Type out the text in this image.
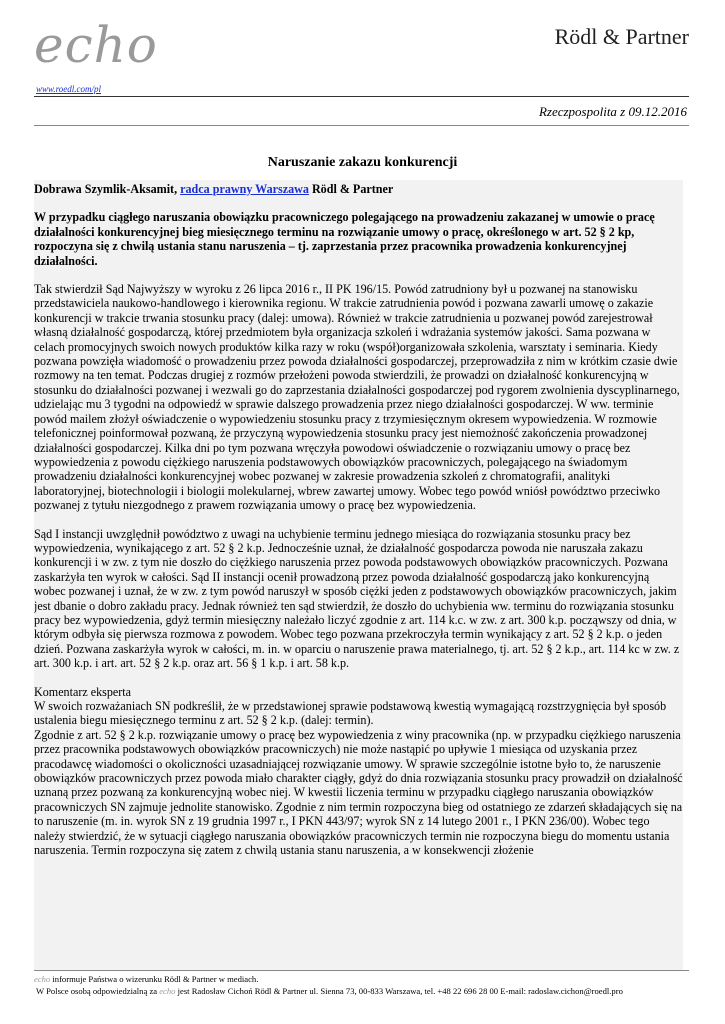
echo
www.roedl.com/pl
Rödl & Partner
Rzeczpospolita z 09.12.2016
Naruszanie zakazu konkurencji

Dobrawa Szymlik-Aksamit, radca prawny Warszawa Rödl & Partner

W przypadku ciągłego naruszania obowiązku pracowniczego polegającego na prowadzeniu zakazanej w umowie o pracę działalności konkurencyjnej bieg miesięcznego terminu na rozwiązanie umowy o pracę, określonego w art. 52 § 2 kp, rozpoczyna się z chwilą ustania stanu naruszenia – tj. zaprzestania przez pracownika prowadzenia konkurencyjnej działalności.

Tak stwierdził Sąd Najwyższy w wyroku z 26 lipca 2016 r., II PK 196/15. Powód zatrudniony był u pozwanej na stanowisku przedstawiciela naukowo-handlowego i kierownika regionu. W trakcie zatrudnienia powód i pozwana zawarli umowę o zakazie konkurencji w trakcie trwania stosunku pracy (dalej: umowa). Również w trakcie zatrudnienia u pozwanej powód zarejestrował własną działalność gospodarczą, której przedmiotem była organizacja szkoleń i wdrażania systemów jakości. Sama pozwana w celach promocyjnych swoich nowych produktów kilka razy w roku (współ)organizowała szkolenia, warsztaty i seminaria. Kiedy pozwana powzięła wiadomość o prowadzeniu przez powoda działalności gospodarczej, przeprowadziła z nim w krótkim czasie dwie rozmowy na ten temat. Podczas drugiej z rozmów przełożeni powoda stwierdzili, że prowadzi on działalność konkurencyjną w stosunku do działalności pozwanej i wezwali go do zaprzestania działalności gospodarczej pod rygorem zwolnienia dyscyplinarnego, udzielając mu 3 tygodni na odpowiedź w sprawie dalszego prowadzenia przez niego działalności gospodarczej. W ww. terminie powód mailem złożył oświadczenie o wypowiedzeniu stosunku pracy z trzymiesięcznym okresem wypowiedzenia. W rozmowie telefonicznej poinformował pozwaną, że przyczyną wypowiedzenia stosunku pracy jest niemożność zakończenia prowadzonej działalności gospodarczej. Kilka dni po tym pozwana wręczyła powodowi oświadczenie o rozwiązaniu umowy o pracę bez wypowiedzenia z powodu ciężkiego naruszenia podstawowych obowiązków pracowniczych, polegającego na świadomym prowadzeniu działalności konkurencyjnej wobec pozwanej w zakresie prowadzenia szkoleń z chromatografii, analityki laboratoryjnej, biotechnologii i biologii molekularnej, wbrew zawartej umowy. Wobec tego powód wniósł powództwo przeciwko pozwanej z tytułu niezgodnego z prawem rozwiązania umowy o pracę bez wypowiedzenia.

Sąd I instancji uwzględnił powództwo z uwagi na uchybienie terminu jednego miesiąca do rozwiązania stosunku pracy bez wypowiedzenia, wynikającego z art. 52 § 2 k.p. Jednocześnie uznał, że działalność gospodarcza powoda nie naruszała zakazu konkurencji i w zw. z tym nie doszło do ciężkiego naruszenia przez powoda podstawowych obowiązków pracowniczych. Pozwana zaskarżyła ten wyrok w całości. Sąd II instancji ocenił prowadzoną przez powoda działalność gospodarczą jako konkurencyjną wobec pozwanej i uznał, że w zw. z tym powód naruszył w sposób ciężki jeden z podstawowych obowiązków pracowniczych, jakim jest dbanie o dobro zakładu pracy. Jednak również ten sąd stwierdził, że doszło do uchybienia ww. terminu do rozwiązania stosunku pracy bez wypowiedzenia, gdyż termin miesięczny należało liczyć zgodnie z art. 114 k.c. w zw. z art. 300 k.p. począwszy od dnia, w którym odbyła się pierwsza rozmowa z powodem. Wobec tego pozwana przekroczyła termin wynikający z art. 52 § 2 k.p. o jeden dzień. Pozwana zaskarżyła wyrok w całości, m. in. w oparciu o naruszenie prawa materialnego, tj. art. 52 § 2 k.p., art. 114 kc w zw. z art. 300 k.p. i art. art. 52 § 2 k.p. oraz art. 56 § 1 k.p. i art. 58 k.p.

Komentarz eksperta

W swoich rozważaniach SN podkreślił, że w przedstawionej sprawie podstawową kwestią wymagającą rozstrzygnięcia był sposób ustalenia biegu miesięcznego terminu z art. 52 § 2 k.p. (dalej: termin).

Zgodnie z art. 52 § 2 k.p. rozwiązanie umowy o pracę bez wypowiedzenia z winy pracownika (np. w przypadku ciężkiego naruszenia przez pracownika podstawowych obowiązków pracowniczych) nie może nastąpić po upływie 1 miesiąca od uzyskania przez pracodawcę wiadomości o okoliczności uzasadniającej rozwiązanie umowy. W sprawie szczególnie istotne było to, że naruszenie obowiązków pracowniczych przez powoda miało charakter ciągły, gdyż do dnia rozwiązania stosunku pracy prowadził on działalność uznaną przez pozwaną za konkurencyjną wobec niej. W kwestii liczenia terminu w przypadku ciągłego naruszania obowiązków pracowniczych SN zajmuje jednolite stanowisko. Zgodnie z nim termin rozpoczyna bieg od ostatniego ze zdarzeń składających się na to naruszenie (m. in. wyrok SN z 19 grudnia 1997 r., I PKN 443/97; wyrok SN z 14 lutego 2001 r., I PKN 236/00). Wobec tego należy stwierdzić, że w sytuacji ciągłego naruszania obowiązków pracowniczych termin nie rozpoczyna biegu do momentu ustania naruszenia. Termin rozpoczyna się zatem z chwilą ustania stanu naruszenia, a w konsekwencji złożenie

echo informuje Państwa o wizerunku Rödl & Partner w mediach.
W Polsce osobą odpowiedzialną za echo jest Radosław Cichoń Rödl & Partner ul. Sienna 73, 00-833 Warszawa, tel. +48 22 696 28 00 E-mail: radoslaw.cichon@roedl.pro
